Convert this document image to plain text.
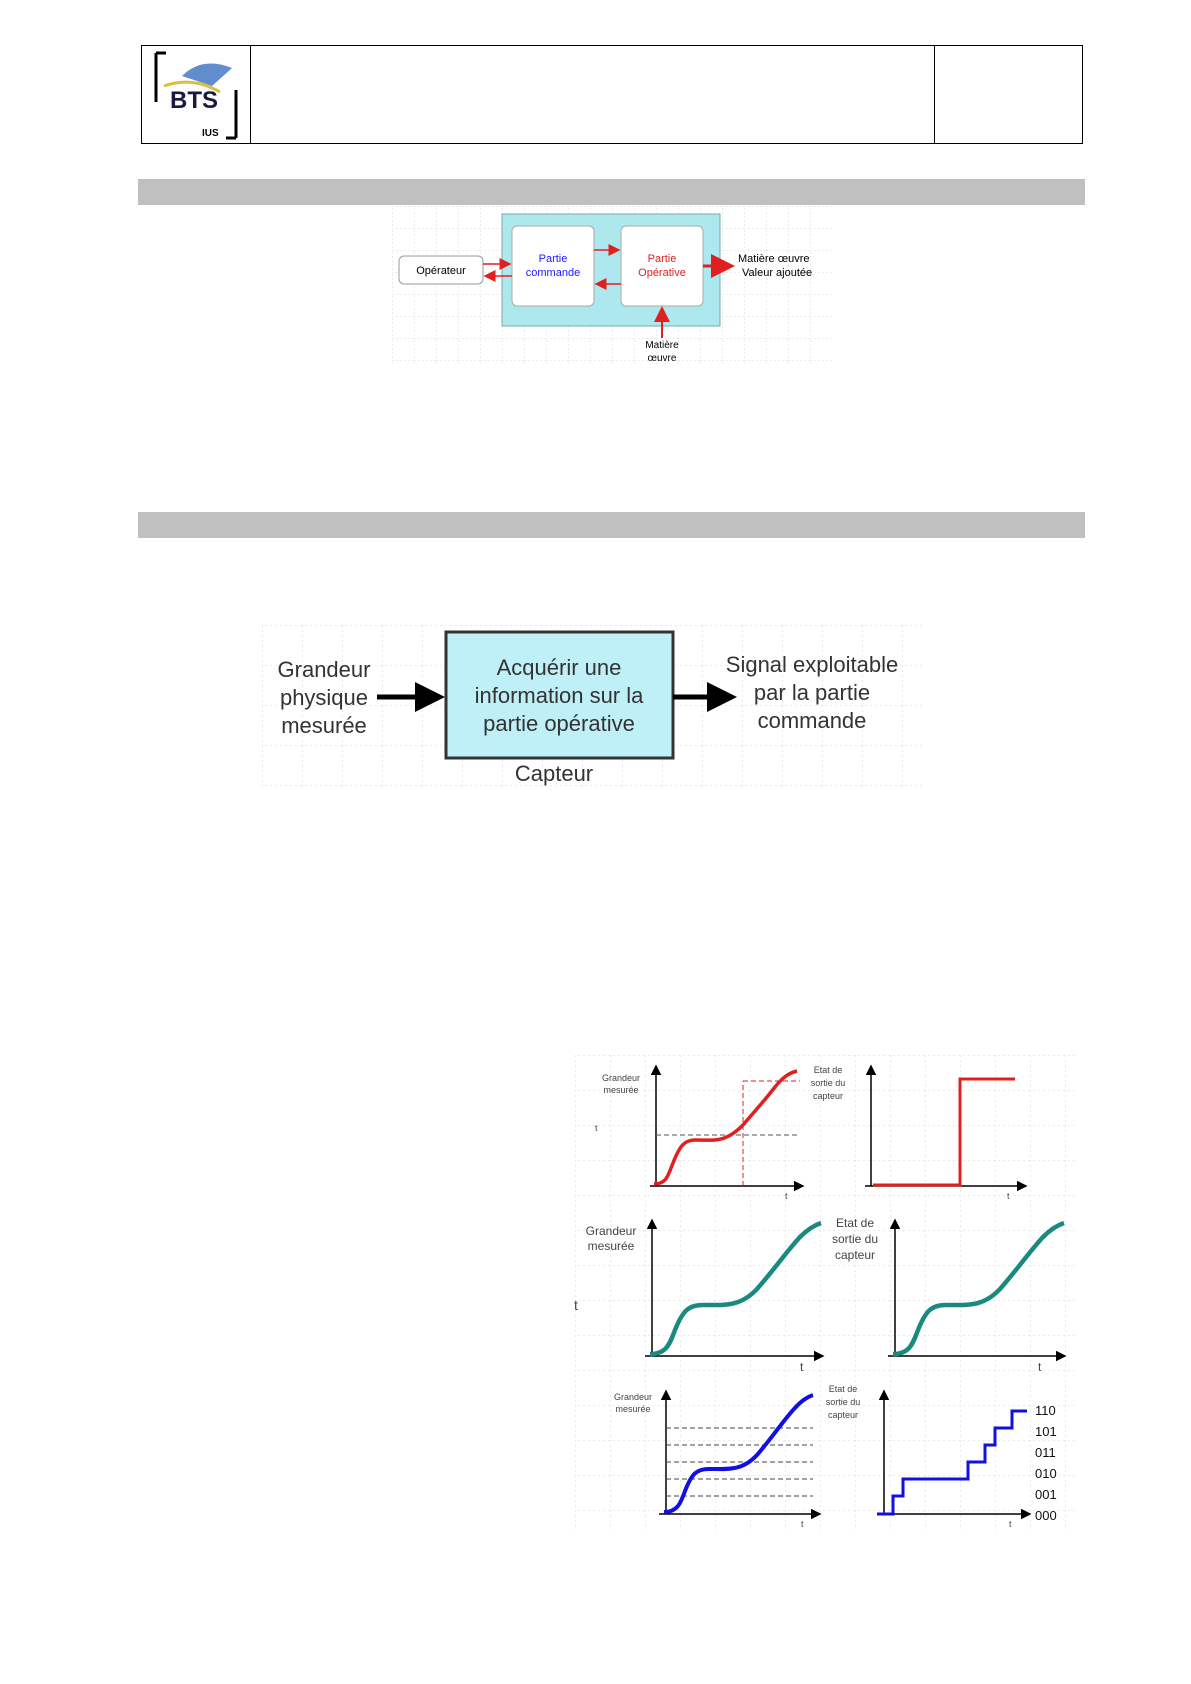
BTS
IUS
Partie
commande
Partie
Opérative
Opérateur
Matière œuvre
Valeur ajoutée
Matière
œuvre
Acquérir une
information sur la
partie opérative
Grandeur
physique
mesurée
Signal exploitable
par la partie
commande
Capteur
Grandeur
mesurée
t
t
Etat de
sortie du
capteur
t
Grandeur
mesurée
t
t
Etat de
sortie du
capteur
t
Grandeur
mesurée
t
Etat de
sortie du
capteur
t
110
101
011
010
001
000
